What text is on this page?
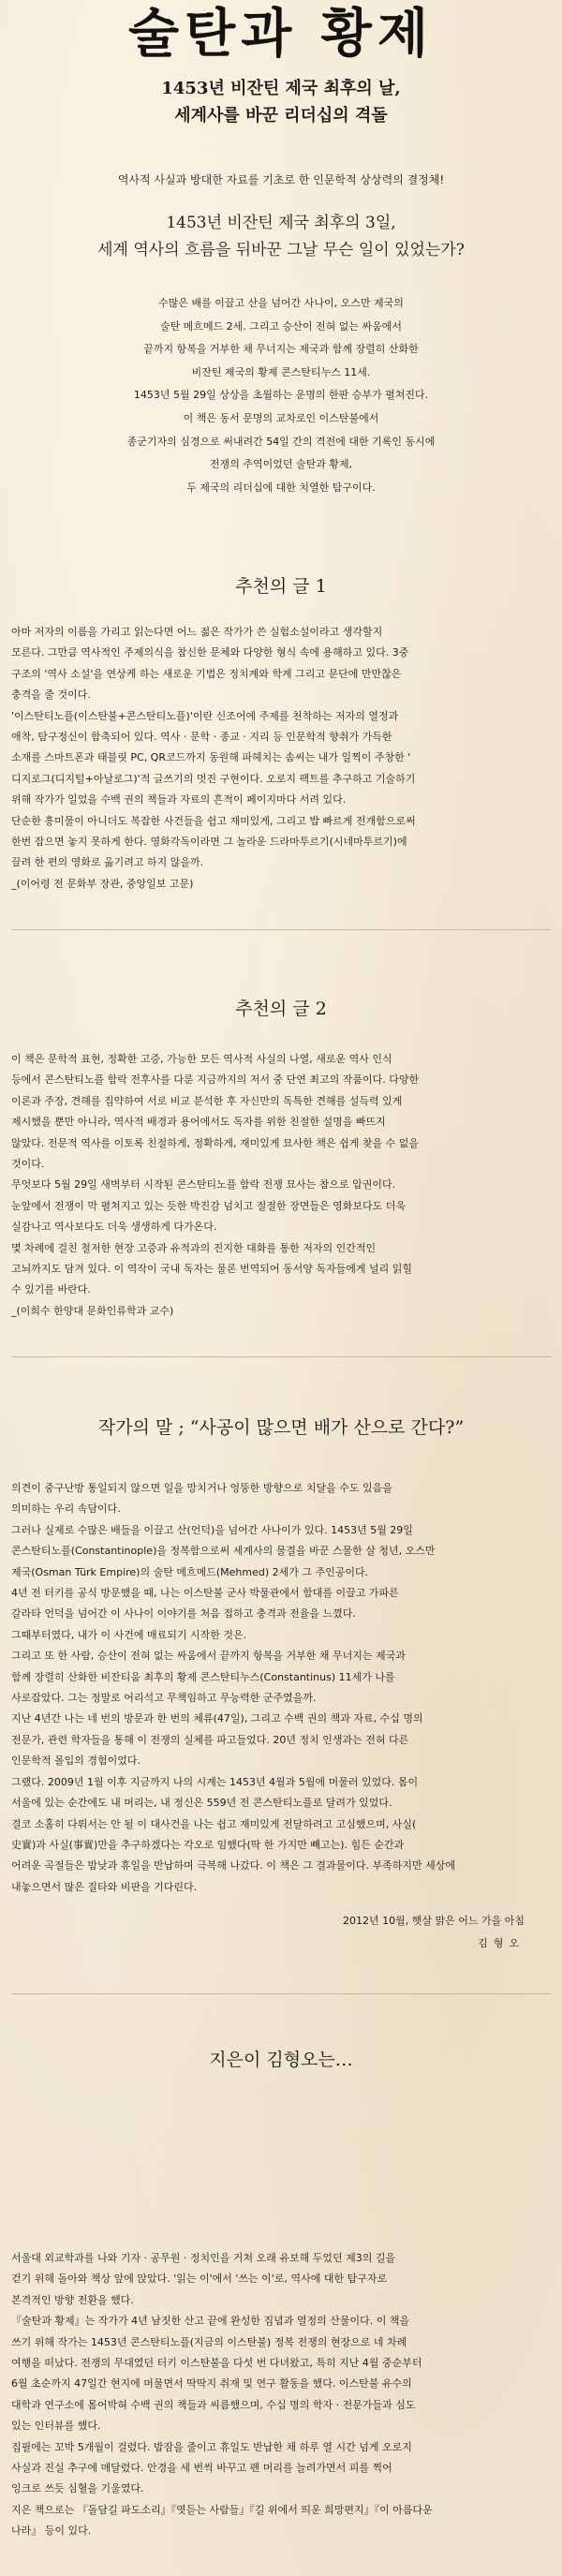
술탄과 황제
1453년 비잔틴 제국 최후의 날,
세계사를 바꾼 리더십의 격돌
역사적 사실과 방대한 자료를 기초로 한 인문학적 상상력의 결정체!
1453년 비잔틴 제국 최후의 3일,
세계 역사의 흐름을 뒤바꾼 그날 무슨 일이 있었는가?
수많은 배를 이끌고 산을 넘어간 사나이, 오스만 제국의
술탄 메흐메드 2세. 그리고 승산이 전혀 없는 싸움에서
끝까지 항복을 거부한 채 무너지는 제국과 함께 장렬히 산화한
비잔틴 제국의 황제 콘스탄티누스 11세.
1453년 5월 29일 상상을 초월하는 운명의 한판 승부가 펼쳐진다.
이 책은 동서 문명의 교차로인 이스탄불에서
종군기자의 심경으로 써내려간 54일 간의 격전에 대한 기록인 동시에
전쟁의 주역이었던 술탄과 황제,
두 제국의 리더십에 대한 치열한 탐구이다.
추천의 글 1

아마 저자의 이름을 가리고 읽는다면 어느 젊은 작가가 쓴 실험소설이라고 생각할지

모른다. 그만큼 역사적인 주제의식을 참신한 문체와 다양한 형식 속에 용해하고 있다. 3중

구조의 '역사 소설'을 연상케 하는 새로운 기법은 정치계와 학계 그리고 문단에 만만찮은

충격을 줄 것이다.

'이스탄티노플(이스탄불+콘스탄티노플)'이란 신조어에 주제를 천착하는 저자의 열정과

애착, 탐구정신이 함축되어 있다. 역사 · 문학 · 종교 · 지리 등 인문학적 향취가 가득한

소재를 스마트폰과 태블릿 PC, QR코드까지 동원해 파헤치는 솜씨는 내가 일찍이 주창한 '

디지로그(디지털+아날로그)'적 글쓰기의 멋진 구현이다. 오로지 팩트를 추구하고 기술하기

위해 작가가 일었을 수백 권의 책들과 자료의 흔적이 페이지마다 서려 있다.

단순한 흥미물이 아니더도 복잡한 사건들을 쉽고 재미있게, 그리고 밥 빠르게 전개함으로써

한번 잡으면 놓지 못하게 한다. 영화각독이라면 그 놀라운 드라마투르기(시네마투르기)에

끌려 한 편의 영화로 옮기려고 하지 않을까.

_(이어령 전 문화부 장관, 중앙일보 고문)

추천의 글 2

이 책은 문학적 표현, 정확한 고증, 가능한 모든 역사적 사실의 나열, 새로운 역사 인식

등에서 콘스탄티노플 함락 전후사를 다룬 지금까지의 저서 중 단연 최고의 작품이다. 다양한

이론과 주장, 견해를 집약하여 서로 비교 분석한 후 자신만의 독특한 견해를 설득력 있게

제시했을 뿐만 아니라, 역사적 배경과 용어에서도 독자를 위한 친절한 설명을 빠뜨지

않았다. 전문적 역사를 이토록 친절하게, 정확하게, 재미있게 묘사한 책은 쉽게 찾을 수 없을

것이다.

무엇보다 5월 29일 새벽부터 시작된 콘스탄티노플 함락 전쟁 묘사는 참으로 압권이다.

눈앞에서 전쟁이 막 펼쳐지고 있는 듯한 박진감 넘치고 절절한 장면들은 영화보다도 더욱

실감나고 역사보다도 더욱 생생하게 다가온다.

몇 차례에 걸친 철저한 현장 고증과 유적과의 진지한 대화를 통한 저자의 인간적인

고뇌까지도 담겨 있다. 이 역작이 국내 독자는 물론 번역되어 동서양 독자들에게 널리 읽힐

수 있기를 바란다.

_(이희수 한양대 문화인류학과 교수)

작가의 말 ; “사공이 많으면 배가 산으로 간다?”

의견이 중구난방 통일되지 않으면 일을 망치거나 엉뚱한 방향으로 치달을 수도 있음을

의미하는 우리 속담이다.

그러나 실제로 수많은 배들을 이끌고 산(언덕)을 넘어간 사나이가 있다. 1453년 5월 29일

콘스탄티노플(Constantinople)을 정복함으로써 세계사의 물결을 바꾼 스물한 살 청년, 오스만

제국(Osman Türk Empire)의 술탄 메흐메드(Mehmed) 2세가 그 주인공이다.

4년 전 터키를 공식 방문했을 때, 나는 이스탄불 군사 박물관에서 함대를 이끌고 가파른

갈라타 언덕을 넘어간 이 사나이 이야기를 처음 접하고 충격과 전율을 느꼈다.

그때부터였다, 내가 이 사건에 매료되기 시작한 것은.

그리고 또 한 사람, 승산이 전혀 없는 싸움에서 끝까지 항복을 거부한 채 무너지는 제국과

함께 장렬히 산화한 비잔티움 최후의 황제 콘스탄티누스(Constantinus) 11세가 나를

사로잡았다. 그는 정말로 어리석고 무책임하고 무능력한 군주였을까.

지난 4년간 나는 네 번의 방문과 한 번의 체류(47일), 그리고 수백 권의 책과 자료, 수십 명의

전문가, 관련 학자들을 통해 이 전쟁의 실체를 파고들었다. 20년 정치 인생과는 전혀 다른

인문학적 몰입의 경험이었다.

그랬다. 2009년 1월 이후 지금까지 나의 시계는 1453년 4월과 5월에 머물러 있었다. 몸이

서울에 있는 순간에도 내 머리는, 내 정신은 559년 전 콘스탄티노플로 달려가 있었다.

결코 소홀히 다뤄서는 안 될 이 대사건을 나는 쉽고 재미있게 전달하려고 고심했으며, 사실(

史實)과 사실(事實)만을 추구하겠다는 각오로 임했다(딱 한 가지만 빼고는). 힘든 순간과

어려운 곡절들은 밤낮과 휴일을 반납하며 극복해 나갔다. 이 책은 그 결과물이다. 부족하지만 세상에

내놓으면서 많은 질타와 비판을 기다린다.

2012년 10월, 햇살 맑은 어느 가을 아침
김형오
지은이 김형오는…

서울대 외교학과를 나와 기자 · 공무원 · 정치인을 거쳐 오래 유보해 두었던 제3의 길을

걷기 위해 돌아와 책상 앞에 앉았다. '읽는 이'에서 '쓰는 이'로, 역사에 대한 탐구자로

본격적인 방향 전환을 했다.

『술탄과 황제』는 작가가 4년 남짓한 산고 끝에 완성한 집념과 열정의 산물이다. 이 책을

쓰기 위해 작가는 1453년 콘스탄티노플(지금의 이스탄불) 정복 전쟁의 현장으로 네 차례

여행을 떠났다. 전쟁의 무대였던 터키 이스탄불을 다섯 번 다녀왔고, 특히 지난 4월 중순부터

6월 초순까지 47일간 현지에 머물면서 딱딱지 취재 및 연구 활동을 했다. 이스탄불 유수의

대학과 연구소에 몸어박혀 수백 권의 책들과 씨름했으며, 수십 명의 학자 · 전문가들과 심도

있는 인터뷰를 했다.

집필에는 꼬박 5개월이 걸렸다. 밤잠을 줄이고 휴일도 반납한 채 하루 열 시간 넘게 오로지

사실과 진실 추구에 매달렸다. 안경을 세 번씩 바꾸고 펜 머리를 늘려가면서 피를 찍어

잉크로 쓰듯 심혈을 기울였다.

지은 책으로는 『돌담길 파도소리』『엿듣는 사람들』『길 위에서 띄운 희망편지』『이 아름다운

나라』 등이 있다.
